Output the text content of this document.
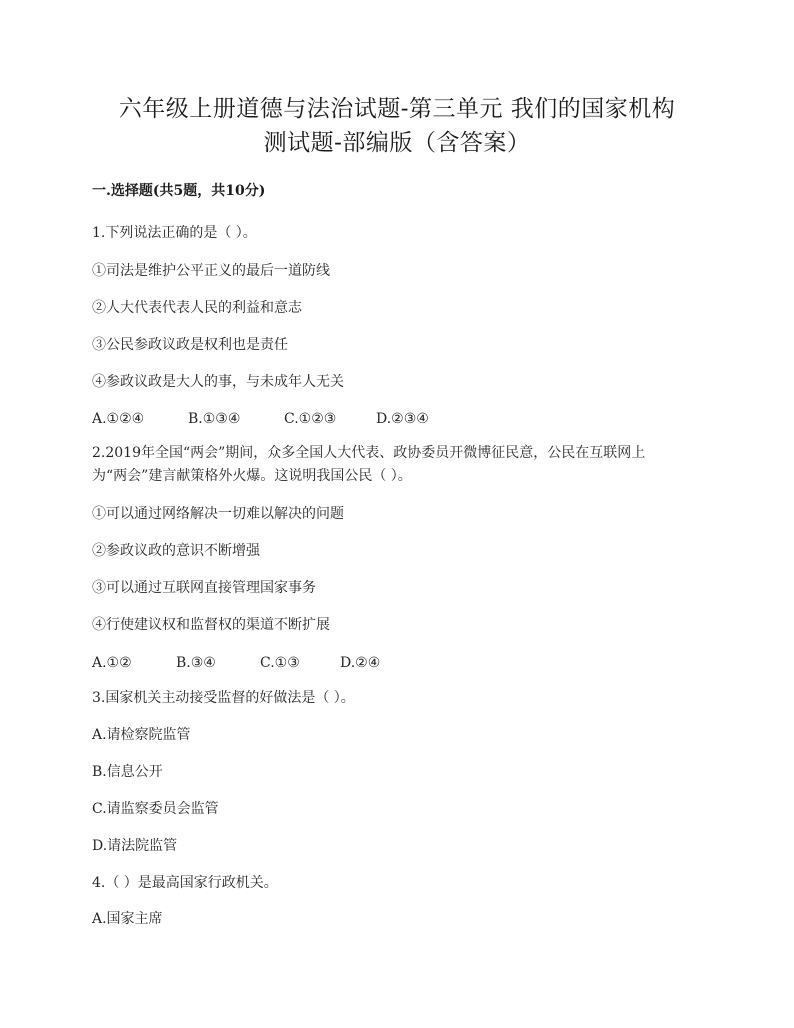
六年级上册道德与法治试题-第三单元 我们的国家机构
测试题-部编版（含答案）
一.选择题(共5题，共10分)
1.下列说法正确的是（ ）。
①司法是维护公平正义的最后一道防线
②人大代表代表人民的利益和意志
③公民参政议政是权利也是责任
④参政议政是大人的事，与未成年人无关
A.①②④	B.①③④	C.①②③	D.②③④
2.2019年全国“两会”期间，众多全国人大代表、政协委员开微博征民意，公民在互联网上
为“两会”建言献策格外火爆。这说明我国公民（ ）。
①可以通过网络解决一切难以解决的问题
②参政议政的意识不断增强
③可以通过互联网直接管理国家事务
④行使建议权和监督权的渠道不断扩展
A.①②	B.③④	C.①③	D.②④
3.国家机关主动接受监督的好做法是（ ）。
A.请检察院监管
B.信息公开
C.请监察委员会监管
D.请法院监管
4.（ ）是最高国家行政机关。
A.国家主席
